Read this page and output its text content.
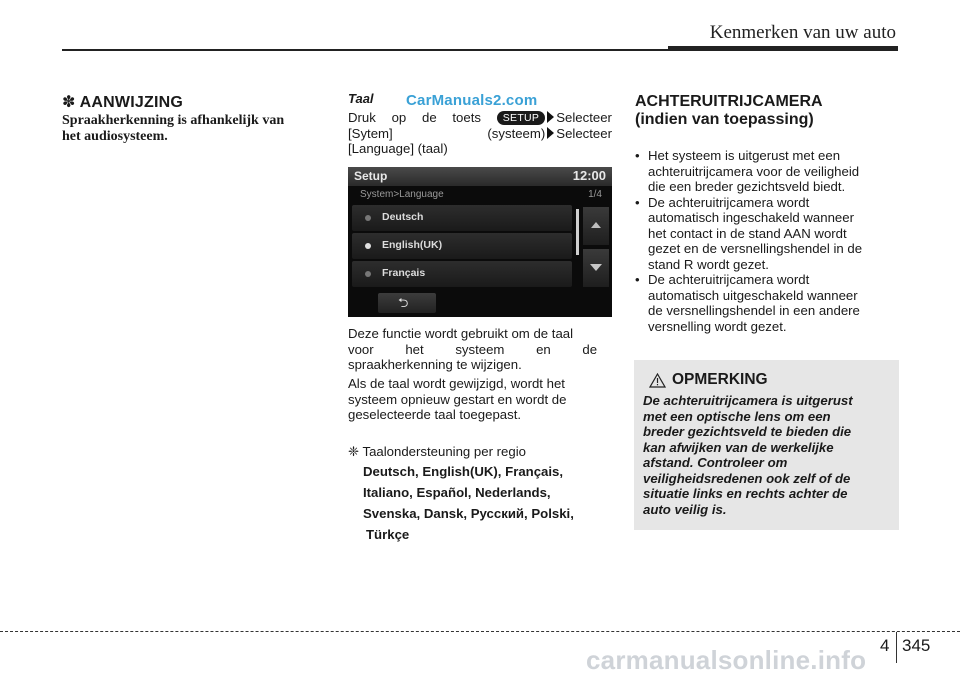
Kenmerken van uw auto
✽ AANWIJZING
Spraakherkenning is afhankelijk van
het audiosysteem.
Taal CarManuals2.com
Druk op de toets	SETUP Selecteer
[Sytem]	(systeem) Selecteer
[Language] (taal)
Setup	12:00
System>Language	1/4
Deutsch
English(UK)
Français
⮌
Deze functie wordt gebruikt om de taal
voor het systeem en de
spraakherkenning te wijzigen.
Als de taal wordt gewijzigd, wordt het
systeem opnieuw gestart en wordt de
geselecteerde taal toegepast.
❈ Taalondersteuning per regio
Deutsch, English(UK), Français,
Italiano, Español, Nederlands,
Svenska, Dansk, Русский, Polski,
Türkçe
ACHTERUITRIJCAMERA
(indien van toepassing)
• Het systeem is uitgerust met een
achteruitrijcamera voor de veiligheid
die een breder gezichtsveld biedt.
• De achteruitrijcamera wordt
automatisch ingeschakeld wanneer
het contact in de stand AAN wordt
gezet en de versnellingshendel in de
stand R wordt gezet.
• De achteruitrijcamera wordt
automatisch uitgeschakeld wanneer
de versnellingshendel in een andere
versnelling wordt gezet.
OPMERKING
De achteruitrijcamera is uitgerust
met een optische lens om een
breder gezichtsveld te bieden die
kan afwijken van de werkelijke
afstand. Controleer om
veiligheidsredenen ook zelf of de
situatie links en rechts achter de
auto veilig is.
4 345
carmanualsonline.info
